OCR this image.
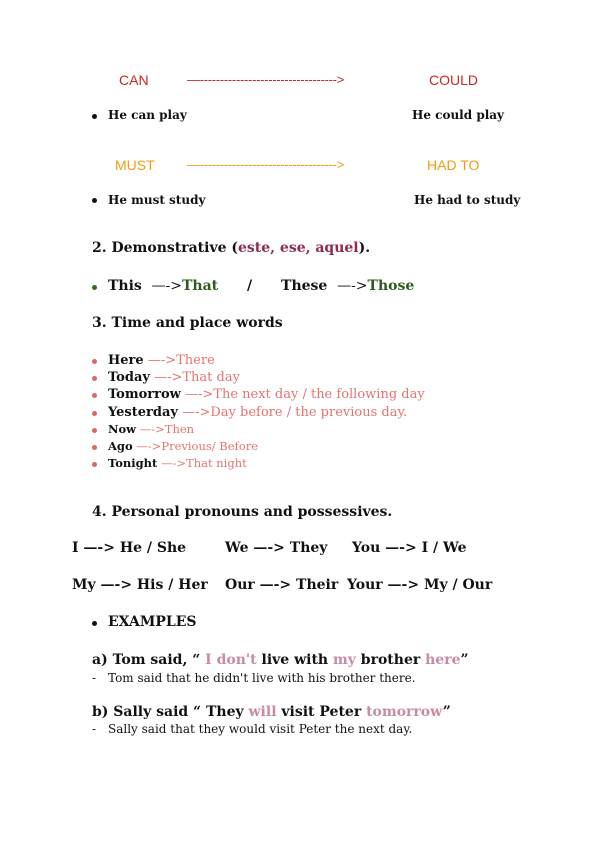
CAN	—---------------------------------->	COULD
He can play	He could play
MUST —---------------------------------->	HAD TO
He must study	He had to study
2. Demonstrative (este, ese, aquel).
This —->That / These —->Those
3. Time and place words
Here —->There
Today —->That day
Tomorrow —->The next day / the following day
Yesterday —->Day before / the previous day.
Now —->Then
Ago —->Previous/ Before
Tonight —->That night
4. Personal pronouns and possessives.
I —-> He / She	We —-> They You —-> I / We
My —-> His / Her Our —-> Their Your —-> My / Our
EXAMPLES
a) Tom said, “ I don't live with my brother here”
- Tom said that he didn't live with his brother there.
b) Sally said “ They will visit Peter tomorrow”
- Sally said that they would visit Peter the next day.
